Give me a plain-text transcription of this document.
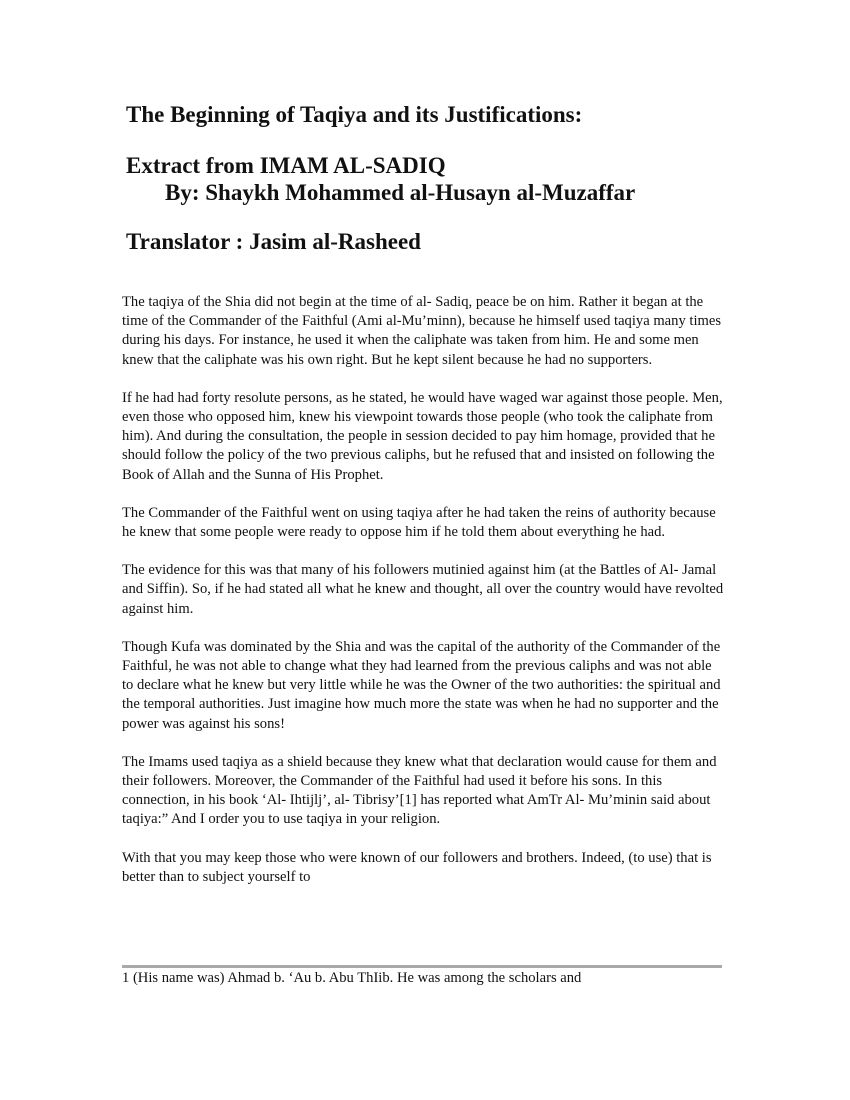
The Beginning of Taqiya and its Justifications:
Extract from IMAM AL-SADIQ
By: Shaykh Mohammed al-Husayn al-Muzaffar
Translator : Jasim al-Rasheed

The taqiya of the Shia did not begin at the time of al- Sadiq, peace be on him. Rather it began at the time of the Commander of the Faithful (Ami al-Mu’minn), because he himself used taqiya many times during his days. For instance, he used it when the caliphate was taken from him. He and some men knew that the caliphate was his own right. But he kept silent because he had no supporters.

If he had had forty resolute persons, as he stated, he would have waged war against those people. Men, even those who opposed him, knew his viewpoint towards those people (who took the caliphate from him). And during the consultation, the people in session decided to pay him homage, provided that he should follow the policy of the two previous caliphs, but he refused that and insisted on following the Book of Allah and the Sunna of His Prophet.

The Commander of the Faithful went on using taqiya after he had taken the reins of authority because he knew that some people were ready to oppose him if he told them about everything he had.

The evidence for this was that many of his followers mutinied against him (at the Battles of Al- Jamal and Siffin). So, if he had stated all what he knew and thought, all over the country would have revolted against him.

Though Kufa was dominated by the Shia and was the capital of the authority of the Commander of the Faithful, he was not able to change what they had learned from the previous caliphs and was not able to declare what he knew but very little while he was the Owner of the two authorities: the spiritual and the temporal authorities. Just imagine how much more the state was when he had no supporter and the power was against his sons!

The Imams used taqiya as a shield because they knew what that declaration would cause for them and their followers. Moreover, the Commander of the Faithful had used it before his sons. In this connection, in his book ‘Al- Ihtijlj’, al- Tibrisy’[1] has reported what AmTr Al- Mu’minin said about taqiya:” And I order you to use taqiya in your religion.

With that you may keep those who were known of our followers and brothers. Indeed, (to use) that is better than to subject yourself to

1 (His name was) Ahmad b. ‘Au b. Abu ThIib. He was among the scholars and
